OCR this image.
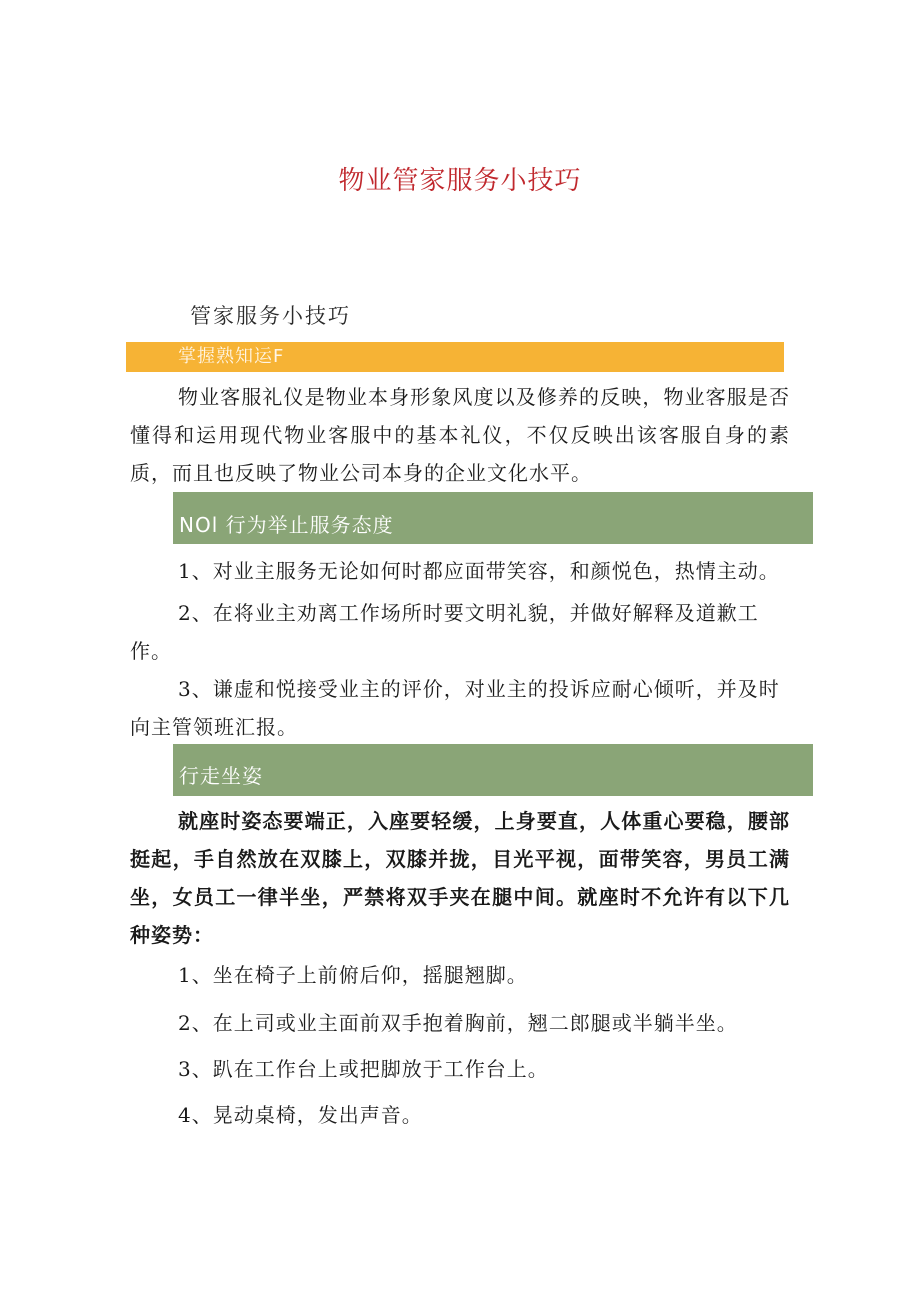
物业管家服务小技巧
管家服务小技巧
掌握熟知运F
物业客服礼仪是物业本身形象风度以及修养的反映，物业客服是否懂得和运用现代物业客服中的基本礼仪，不仅反映出该客服自身的素质，而且也反映了物业公司本身的企业文化水平。
NOl 行为举止服务态度
1、对业主服务无论如何时都应面带笑容，和颜悦色，热情主动。
2、在将业主劝离工作场所时要文明礼貌，并做好解释及道歉工作。
3、谦虚和悦接受业主的评价，对业主的投诉应耐心倾听，并及时向主管领班汇报。
行走坐姿
就座时姿态要端正，入座要轻缓，上身要直，人体重心要稳，腰部挺起，手自然放在双膝上，双膝并拢，目光平视，面带笑容，男员工满坐，女员工一律半坐，严禁将双手夹在腿中间。就座时不允许有以下几种姿势：
1、坐在椅子上前俯后仰，摇腿翘脚。
2、在上司或业主面前双手抱着胸前，翘二郎腿或半躺半坐。
3、趴在工作台上或把脚放于工作台上。
4、晃动桌椅，发出声音。
